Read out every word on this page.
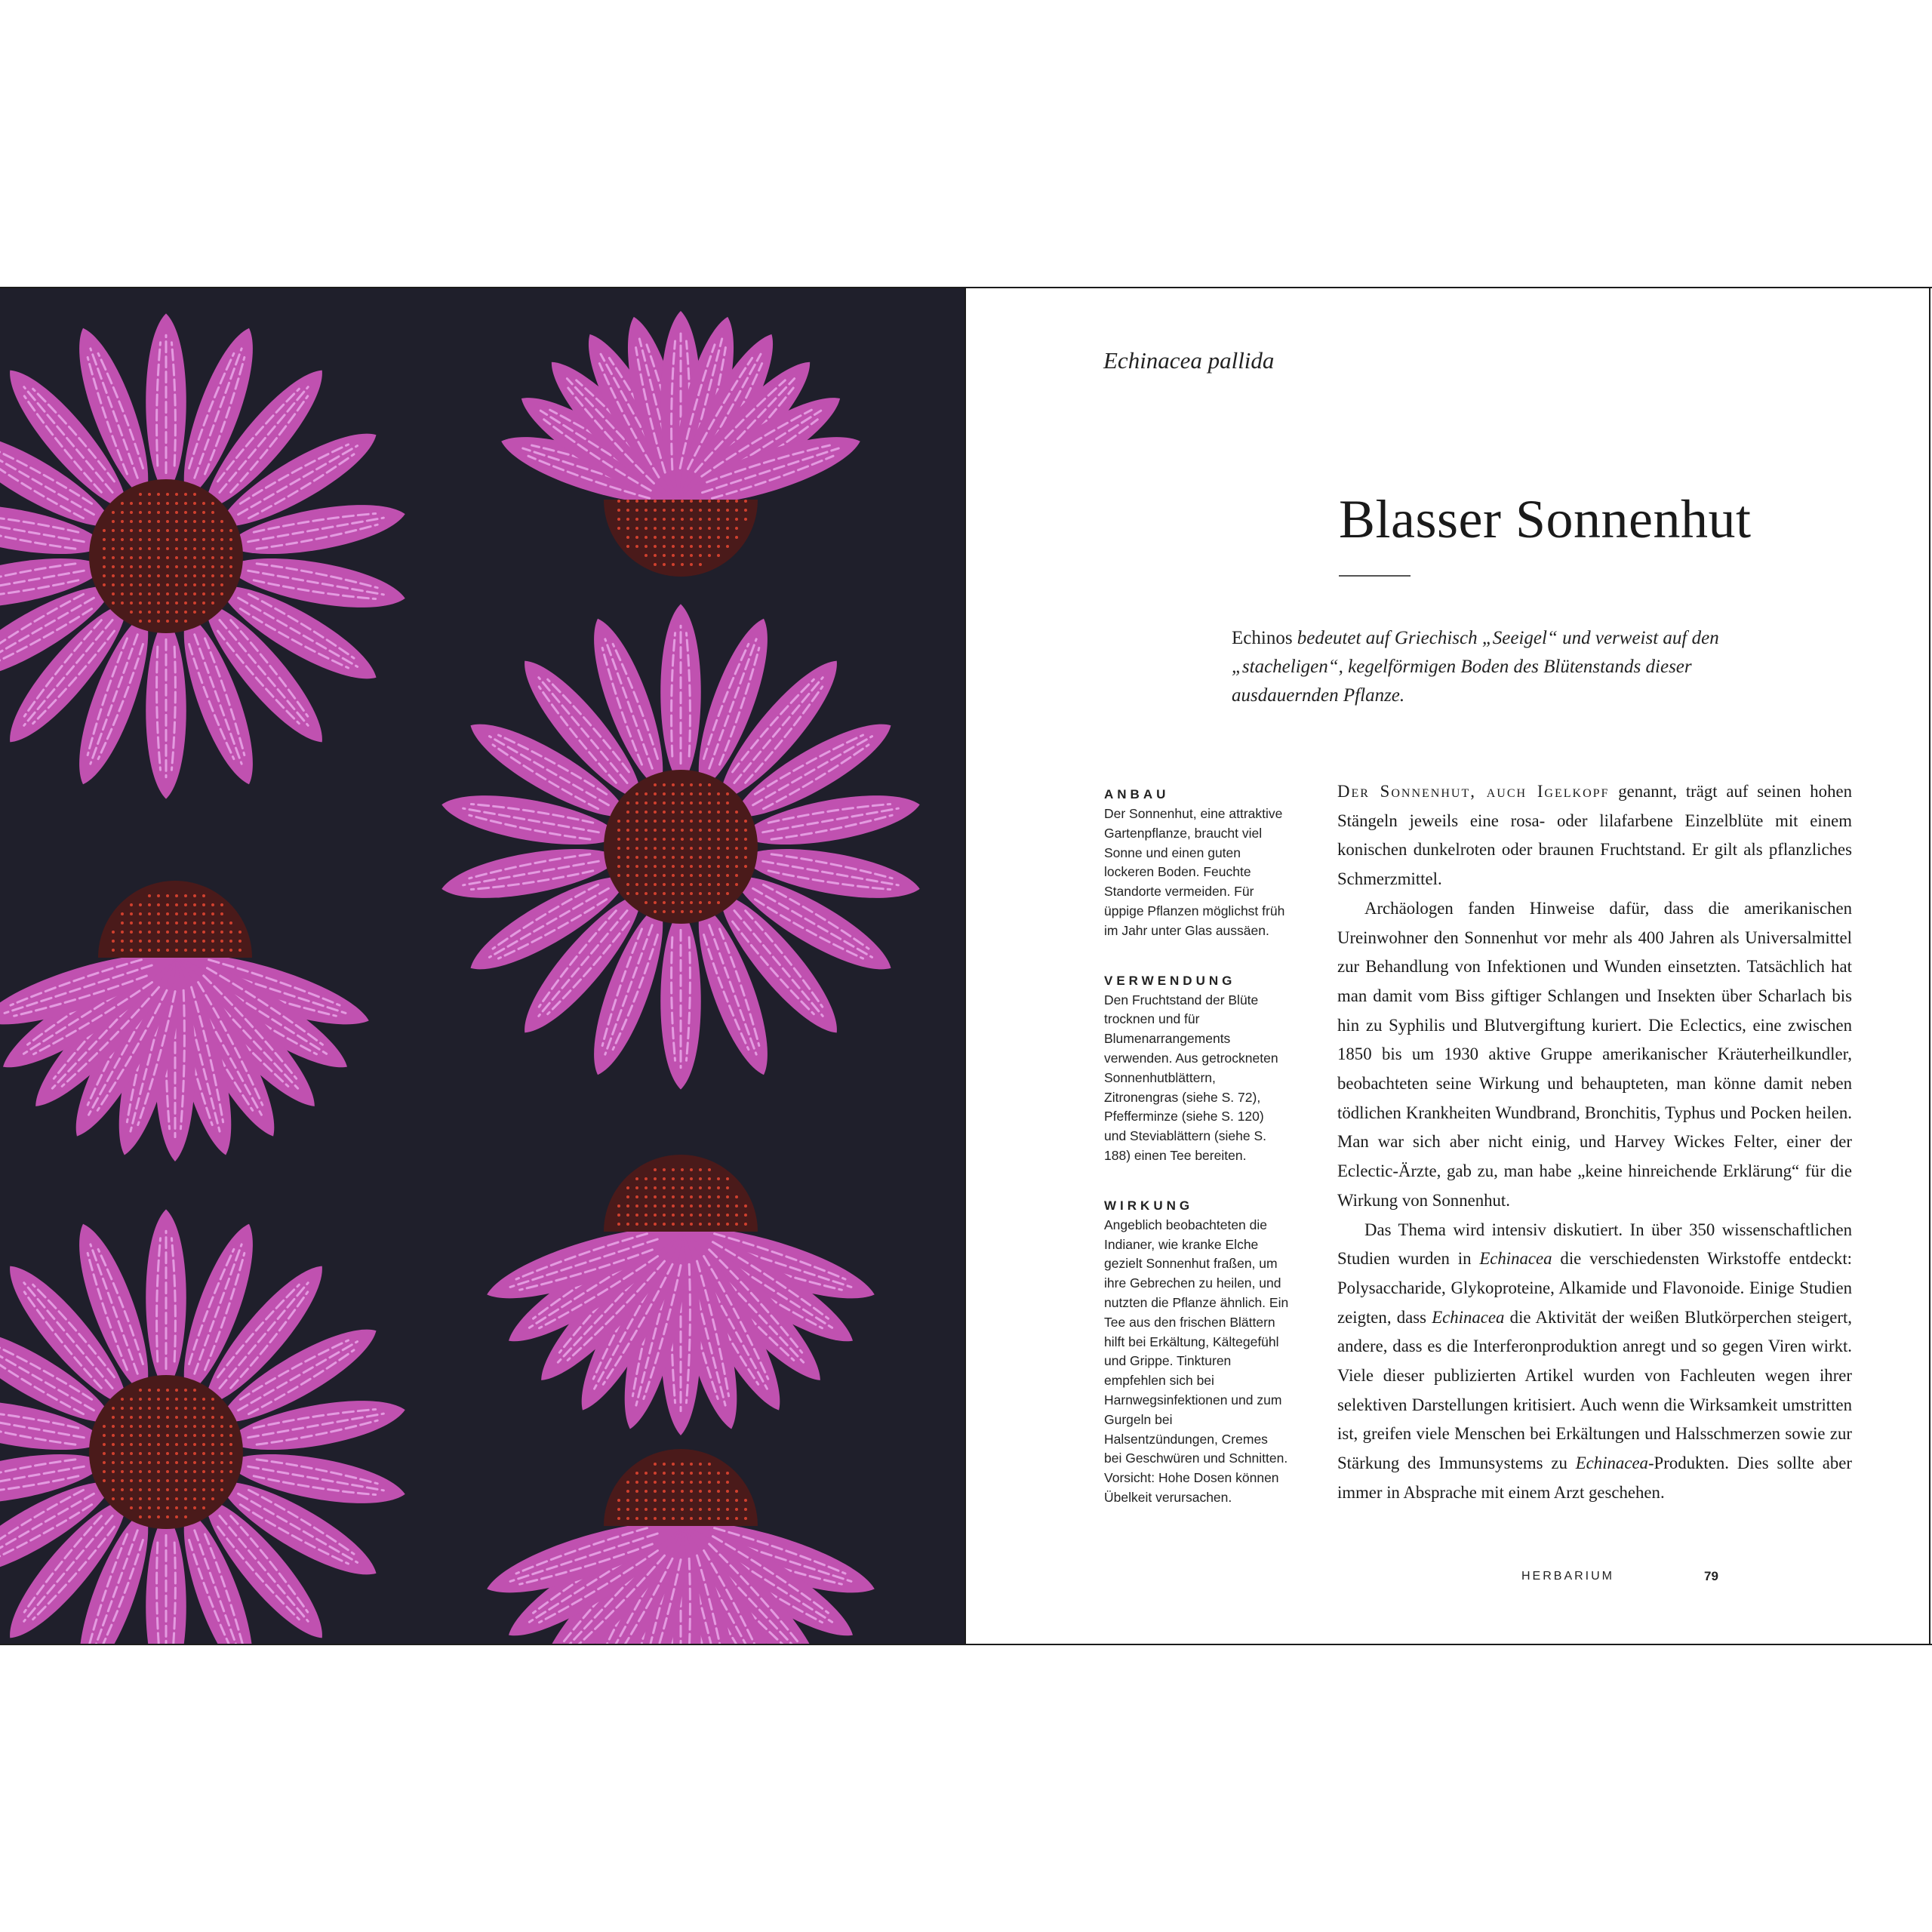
Echinacea pallida
Blasser Sonnenhut
Echinos bedeutet auf Griechisch „Seeigel“ und verweist auf den „stacheligen“, kegelförmigen Boden des Blütenstands dieser ausdauernden Pflanze.
ANBAU
Der Sonnenhut, eine attraktive Gartenpflanze, braucht viel Sonne und einen guten lockeren Boden. Feuchte Standorte vermeiden. Für üppige Pflanzen möglichst früh im Jahr unter Glas aussäen.
VERWENDUNG
Den Fruchtstand der Blüte trocknen und für Blumenarrangements verwenden. Aus getrockneten Sonnenhutblättern, Zitronengras (siehe S. 72), Pfefferminze (siehe S. 120) und Steviablättern (siehe S. 188) einen Tee bereiten.
WIRKUNG
Angeblich beobachteten die Indianer, wie kranke Elche gezielt Sonnenhut fraßen, um ihre Gebrechen zu heilen, und nutzten die Pflanze ähnlich. Ein Tee aus den frischen Blättern hilft bei Erkältung, Kältegefühl und Grippe. Tinkturen empfehlen sich bei Harnwegsinfektionen und zum Gurgeln bei Halsentzündungen, Cremes bei Geschwüren und Schnitten. Vorsicht: Hohe Dosen können Übelkeit verursachen.

Der Sonnenhut, auch Igelkopf genannt, trägt auf seinen hohen Stängeln jeweils eine rosa- oder lilafarbene Einzelblüte mit einem konischen dunkelroten oder braunen Fruchtstand. Er gilt als pflanzliches Schmerzmittel.

Archäologen fanden Hinweise dafür, dass die amerikanischen Ureinwohner den Sonnenhut vor mehr als 400 Jahren als Universalmittel zur Behandlung von Infektionen und Wunden einsetzten. Tatsächlich hat man damit vom Biss giftiger Schlangen und Insekten über Scharlach bis hin zu Syphilis und Blutvergiftung kuriert. Die Eclectics, eine zwischen 1850 bis um 1930 aktive Gruppe amerikanischer Kräuterheilkundler, beobachteten seine Wirkung und behaupteten, man könne damit neben tödlichen Krankheiten Wundbrand, Bronchitis, Typhus und Pocken heilen. Man war sich aber nicht einig, und Harvey Wickes Felter, einer der Eclectic-Ärzte, gab zu, man habe „keine hinreichende Erklärung“ für die Wirkung von Sonnenhut.

Das Thema wird intensiv diskutiert. In über 350 wissenschaftlichen Studien wurden in Echinacea die verschiedensten Wirkstoffe entdeckt: Polysaccharide, Glykoproteine, Alkamide und Flavonoide. Einige Studien zeigten, dass Echinacea die Aktivität der weißen Blutkörperchen steigert, andere, dass es die Interferonproduktion anregt und so gegen Viren wirkt. Viele dieser publizierten Artikel wurden von Fachleuten wegen ihrer selektiven Darstellungen kritisiert. Auch wenn die Wirksamkeit umstritten ist, greifen viele Menschen bei Erkältungen und Halsschmerzen sowie zur Stärkung des Immunsystems zu Echinacea-Produkten. Dies sollte aber immer in Absprache mit einem Arzt geschehen.

HERBARIUM	79
